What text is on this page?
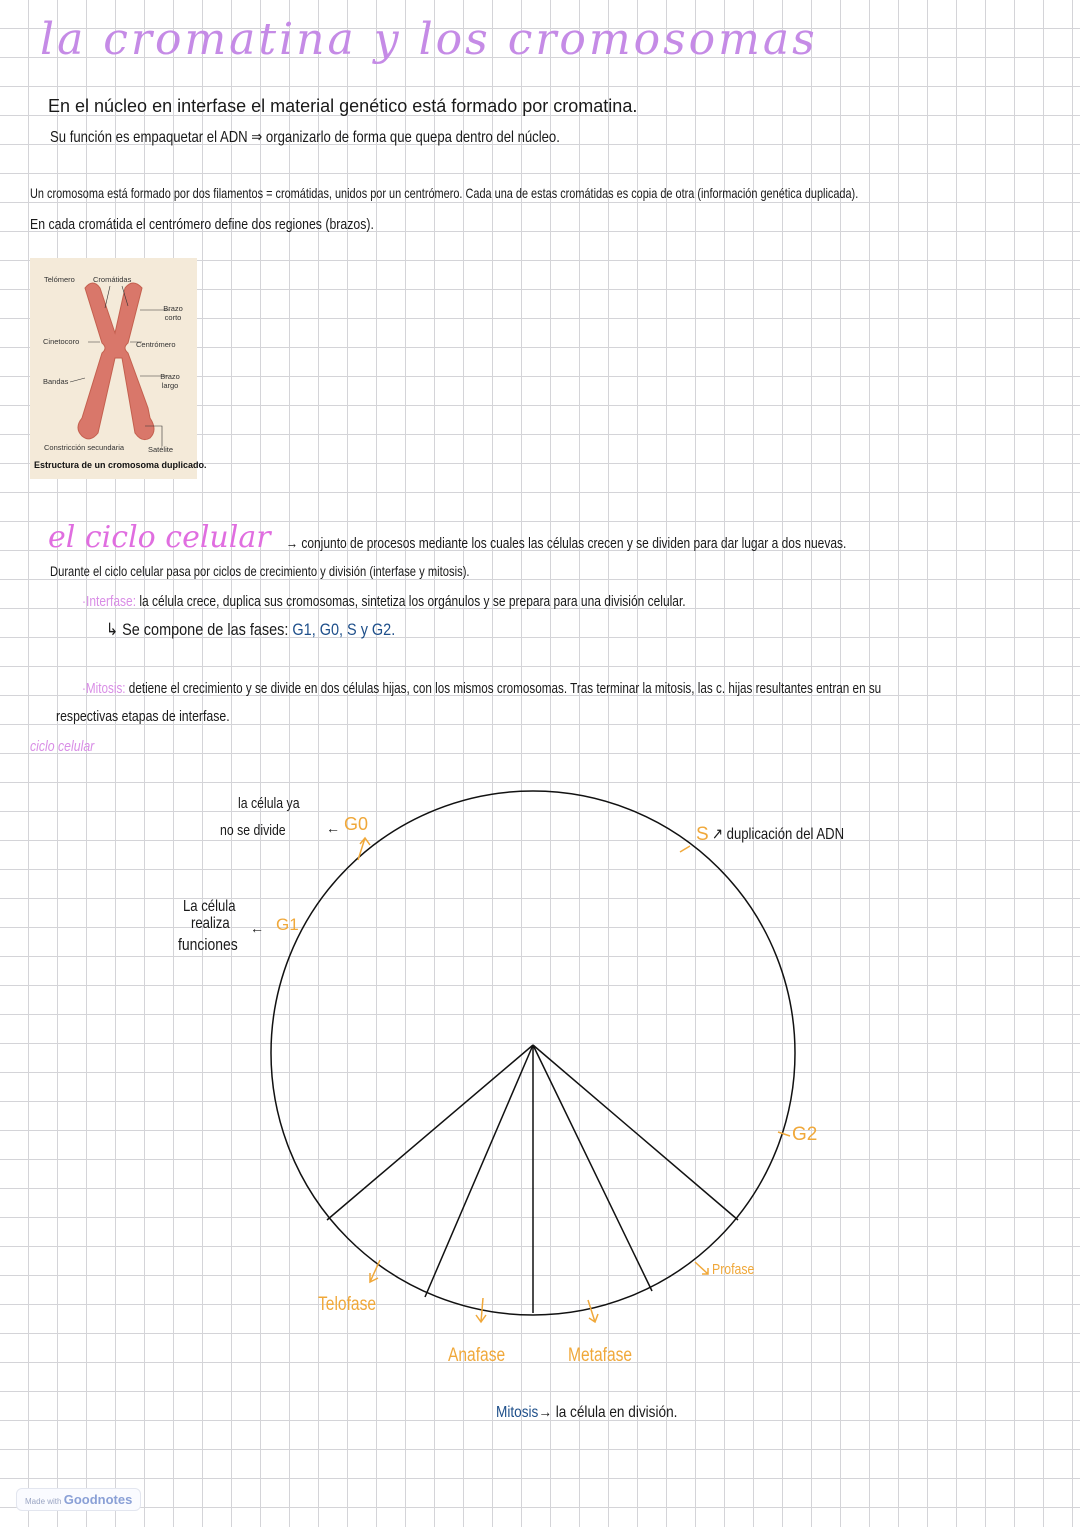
la cromatina y los cromosomas
En el núcleo en interfase el material genético está formado por cromatina.
Su función es empaquetar el ADN ⇒ organizarlo de forma que quepa dentro del núcleo.
Un cromosoma está formado por dos filamentos = cromátidas, unidos por un centrómero. Cada una de estas cromátidas es copia de otra (información genética duplicada).
En cada cromátida el centrómero define dos regiones (brazos).
Telómero Cromátidas
Brazo corto
Cinetocoro	Centrómero
Bandas
Brazo largo
Constricción secundaria	Satélite
Estructura de un cromosoma duplicado.
el ciclo celular → conjunto de procesos mediante los cuales las células crecen y se dividen para dar lugar a dos nuevas.
Durante el ciclo celular pasa por ciclos de crecimiento y división (interfase y mitosis).
·Interfase: la célula crece, duplica sus cromosomas, sintetiza los orgánulos y se prepara para una división celular.
↳ Se compone de las fases: G1, G0, S y G2.
·Mitosis: detiene el crecimiento y se divide en dos células hijas, con los mismos cromosomas. Tras terminar la mitosis, las c. hijas resultantes entran en su
respectivas etapas de interfase.
ciclo celular
la célula ya
no se divide	← G0
La célula
realiza
funciones
← G1
S ↗ duplicación del ADN
G2
Profase
Metafase
Anafase
Telofase
Mitosis→ la célula en división.
Made with Goodnotes
